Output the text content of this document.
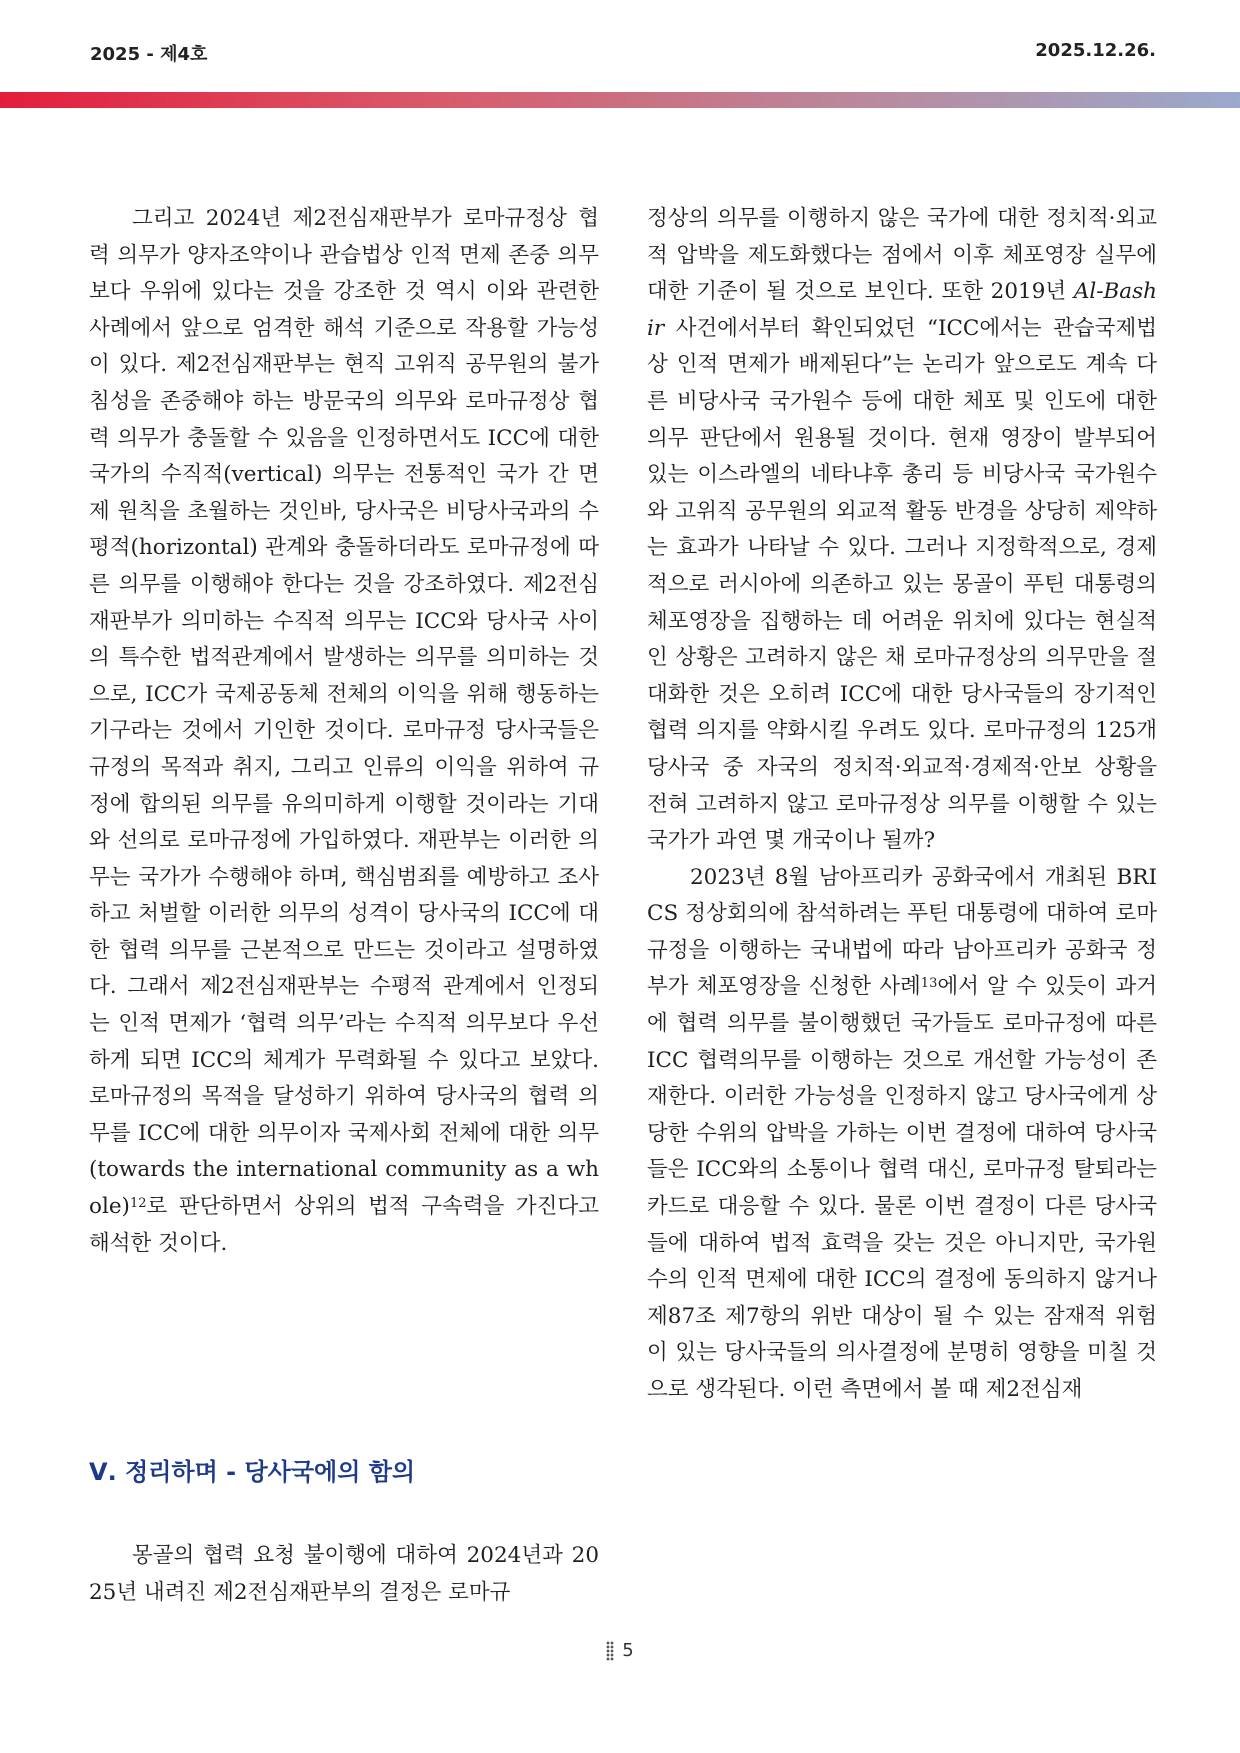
2025 - 제4호	2025.12.26.

그리고 2024년 제2전심재판부가 로마규정상 협력 의무가 양자조약이나 관습법상 인적 면제 존중 의무보다 우위에 있다는 것을 강조한 것 역시 이와 관련한 사례에서 앞으로 엄격한 해석 기준으로 작용할 가능성이 있다. 제2전심재판부는 현직 고위직 공무원의 불가침성을 존중해야 하는 방문국의 의무와 로마규정상 협력 의무가 충돌할 수 있음을 인정하면서도 ICC에 대한 국가의 수직적(vertical) 의무는 전통적인 국가 간 면제 원칙을 초월하는 것인바, 당사국은 비당사국과의 수평적(horizontal) 관계와 충돌하더라도 로마규정에 따른 의무를 이행해야 한다는 것을 강조하였다. 제2전심재판부가 의미하는 수직적 의무는 ICC와 당사국 사이의 특수한 법적관계에서 발생하는 의무를 의미하는 것으로, ICC가 국제공동체 전체의 이익을 위해 행동하는 기구라는 것에서 기인한 것이다. 로마규정 당사국들은 규정의 목적과 취지, 그리고 인류의 이익을 위하여 규정에 합의된 의무를 유의미하게 이행할 것이라는 기대와 선의로 로마규정에 가입하였다. 재판부는 이러한 의무는 국가가 수행해야 하며, 핵심범죄를 예방하고 조사하고 처벌할 이러한 의무의 성격이 당사국의 ICC에 대한 협력 의무를 근본적으로 만드는 것이라고 설명하였다. 그래서 제2전심재판부는 수평적 관계에서 인정되는 인적 면제가 ‘협력 의무’라는 수직적 의무보다 우선하게 되면 ICC의 체계가 무력화될 수 있다고 보았다. 로마규정의 목적을 달성하기 위하여 당사국의 협력 의무를 ICC에 대한 의무이자 국제사회 전체에 대한 의무(towards the international community as a whole)$^{12}$로 판단하면서 상위의 법적 구속력을 가진다고 해석한 것이다.

Ⅴ. 정리하며 - 당사국에의 함의

몽골의 협력 요청 불이행에 대하여 2024년과 2025년 내려진 제2전심재판부의 결정은 로마규

정상의 의무를 이행하지 않은 국가에 대한 정치적·외교적 압박을 제도화했다는 점에서 이후 체포영장 실무에 대한 기준이 될 것으로 보인다. 또한 2019년 Al-Bashir 사건에서부터 확인되었던 “ICC에서는 관습국제법상 인적 면제가 배제된다”는 논리가 앞으로도 계속 다른 비당사국 국가원수 등에 대한 체포 및 인도에 대한 의무 판단에서 원용될 것이다. 현재 영장이 발부되어 있는 이스라엘의 네타냐후 총리 등 비당사국 국가원수와 고위직 공무원의 외교적 활동 반경을 상당히 제약하는 효과가 나타날 수 있다. 그러나 지정학적으로, 경제적으로 러시아에 의존하고 있는 몽골이 푸틴 대통령의 체포영장을 집행하는 데 어려운 위치에 있다는 현실적인 상황은 고려하지 않은 채 로마규정상의 의무만을 절대화한 것은 오히려 ICC에 대한 당사국들의 장기적인 협력 의지를 약화시킬 우려도 있다. 로마규정의 125개 당사국 중 자국의 정치적·외교적·경제적·안보 상황을 전혀 고려하지 않고 로마규정상 의무를 이행할 수 있는 국가가 과연 몇 개국이나 될까?

2023년 8월 남아프리카 공화국에서 개최된 BRICS 정상회의에 참석하려는 푸틴 대통령에 대하여 로마규정을 이행하는 국내법에 따라 남아프리카 공화국 정부가 체포영장을 신청한 사례$^{13}$에서 알 수 있듯이 과거에 협력 의무를 불이행했던 국가들도 로마규정에 따른 ICC 협력의무를 이행하는 것으로 개선할 가능성이 존재한다. 이러한 가능성을 인정하지 않고 당사국에게 상당한 수위의 압박을 가하는 이번 결정에 대하여 당사국들은 ICC와의 소통이나 협력 대신, 로마규정 탈퇴라는 카드로 대응할 수 있다. 물론 이번 결정이 다른 당사국들에 대하여 법적 효력을 갖는 것은 아니지만, 국가원수의 인적 면제에 대한 ICC의 결정에 동의하지 않거나 제87조 제7항의 위반 대상이 될 수 있는 잠재적 위험이 있는 당사국들의 의사결정에 분명히 영향을 미칠 것으로 생각된다. 이런 측면에서 볼 때 제2전심재

5
